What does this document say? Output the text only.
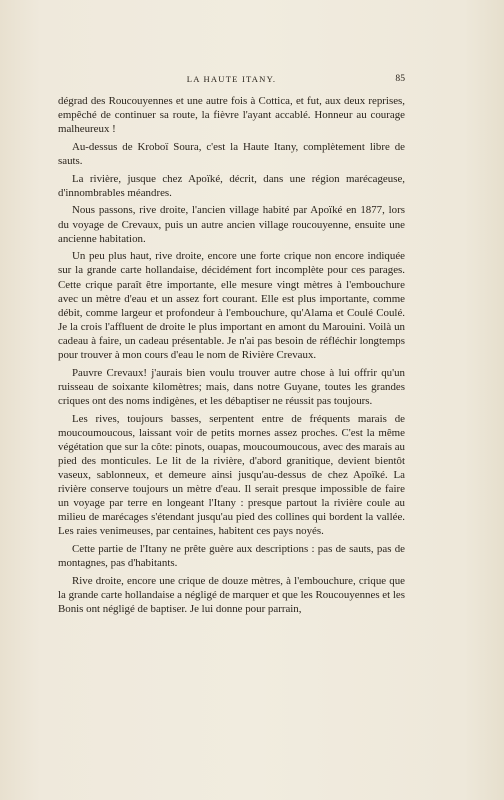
LA HAUTE ITANY.	85

dégrad des Roucouyennes et une autre fois à Cottica, et fut, aux deux reprises, empêché de continuer sa route, la fièvre l'ayant accablé. Honneur au courage malheureux !

Au-dessus de Kroboï Soura, c'est la Haute Itany, complètement libre de sauts.

La rivière, jusque chez Apoïké, décrit, dans une région marécageuse, d'innombrables méandres.

Nous passons, rive droite, l'ancien village habité par Apoïké en 1877, lors du voyage de Crevaux, puis un autre ancien village roucouyenne, ensuite une ancienne habitation.

Un peu plus haut, rive droite, encore une forte crique non encore indiquée sur la grande carte hollandaise, décidément fort incomplète pour ces parages. Cette crique paraît être importante, elle mesure vingt mètres à l'embouchure avec un mètre d'eau et un assez fort courant. Elle est plus importante, comme débit, comme largeur et profondeur à l'embouchure, qu'Alama et Coulé Coulé. Je la crois l'affluent de droite le plus important en amont du Marouini. Voilà un cadeau à faire, un cadeau présentable. Je n'ai pas besoin de réfléchir longtemps pour trouver à mon cours d'eau le nom de Rivière Crevaux.

Pauvre Crevaux! j'aurais bien voulu trouver autre chose à lui offrir qu'un ruisseau de soixante kilomètres; mais, dans notre Guyane, toutes les grandes criques ont des noms indigènes, et les débaptiser ne réussit pas toujours.

Les rives, toujours basses, serpentent entre de fréquents marais de moucoumoucous, laissant voir de petits mornes assez proches. C'est la même végétation que sur la côte: pinots, ouapas, moucoumoucous, avec des marais au pied des monticules. Le lit de la rivière, d'abord granitique, devient bientôt vaseux, sablonneux, et demeure ainsi jusqu'au-dessus de chez Apoïké. La rivière conserve toujours un mètre d'eau. Il serait presque impossible de faire un voyage par terre en longeant l'Itany : presque partout la rivière coule au milieu de marécages s'étendant jusqu'au pied des collines qui bordent la vallée. Les raies venimeuses, par centaines, habitent ces pays noyés.

Cette partie de l'Itany ne prête guère aux descriptions : pas de sauts, pas de montagnes, pas d'habitants.

Rive droite, encore une crique de douze mètres, à l'embouchure, crique que la grande carte hollandaise a négligé de marquer et que les Roucouyennes et les Bonis ont négligé de baptiser. Je lui donne pour parrain,
